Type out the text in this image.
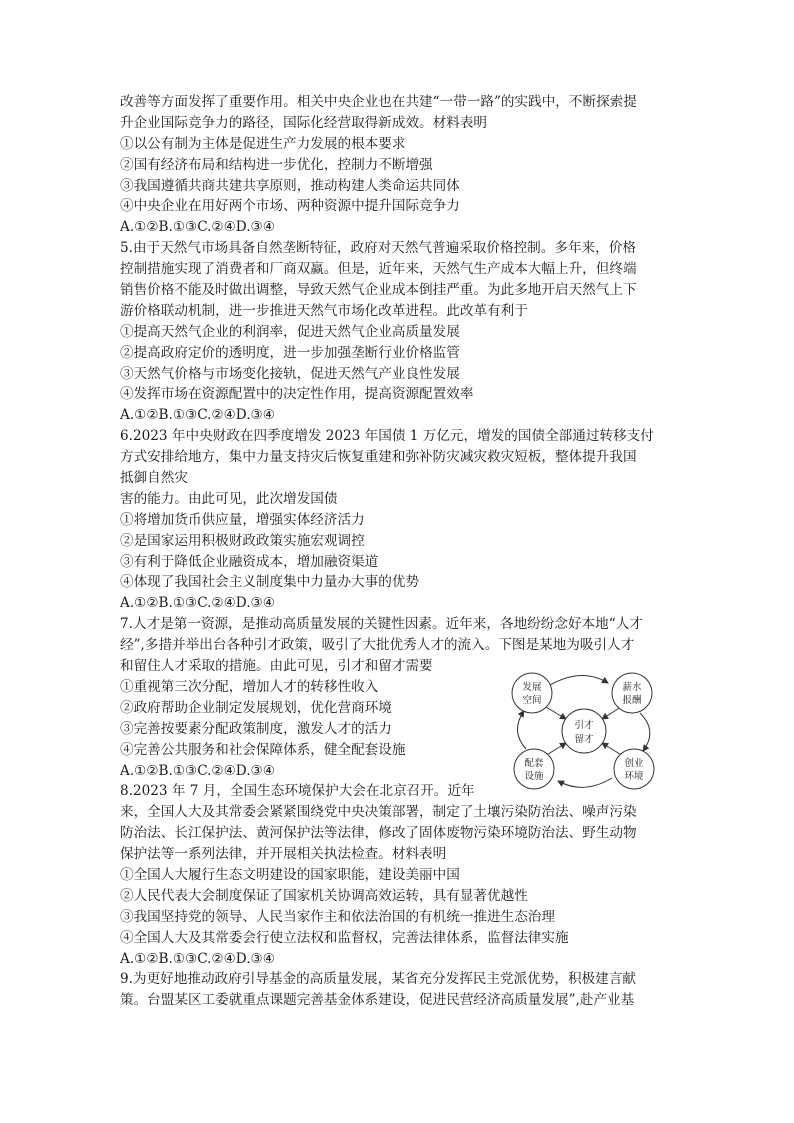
改善等方面发挥了重要作用。相关中央企业也在共建“一带一路”的实践中，不断探索提
升企业国际竞争力的路径，国际化经营取得新成效。材料表明
①以公有制为主体是促进生产力发展的根本要求
②国有经济布局和结构进一步优化，控制力不断增强
③我国遵循共商共建共享原则，推动构建人类命运共同体
④中央企业在用好两个市场、两种资源中提升国际竞争力
A.①②B.①③C.②④D.③④
5.由于天然气市场具备自然垄断特征，政府对天然气普遍采取价格控制。多年来，价格
控制措施实现了消费者和厂商双赢。但是，近年来，天然气生产成本大幅上升，但终端
销售价格不能及时做出调整，导致天然气企业成本倒挂严重。为此多地开启天然气上下
游价格联动机制，进一步推进天然气市场化改革进程。此改革有利于
①提高天然气企业的利润率，促进天然气企业高质量发展
②提高政府定价的透明度，进一步加强垄断行业价格监管
③天然气价格与市场变化接轨，促进天然气产业良性发展
④发挥市场在资源配置中的决定性作用，提高资源配置效率
A.①②B.①③C.②④D.③④
6.2023 年中央财政在四季度增发 2023 年国债 1 万亿元，增发的国债全部通过转移支付
方式安排给地方，集中力量支持灾后恢复重建和弥补防灾减灾救灾短板，整体提升我国
抵御自然灾
害的能力。由此可见，此次增发国债
①将增加货币供应量，增强实体经济活力
②是国家运用积极财政政策实施宏观调控
③有利于降低企业融资成本，增加融资渠道
④体现了我国社会主义制度集中力量办大事的优势
A.①②B.①③C.②④D.③④
7.人才是第一资源，是推动高质量发展的关键性因素。近年来，各地纷纷念好本地“人才
经”,多措并举出台各种引才政策，吸引了大批优秀人才的流入。下图是某地为吸引人才
和留住人才采取的措施。由此可见，引才和留才需要
①重视第三次分配，增加人才的转移性收入
②政府帮助企业制定发展规划，优化营商环境
③完善按要素分配政策制度，激发人才的活力
④完善公共服务和社会保障体系，健全配套设施
A.①②B.①③C.②④D.③④
8.2023 年 7 月，全国生态环境保护大会在北京召开。近年
来，全国人大及其常委会紧紧围绕党中央决策部署，制定了土壤污染防治法、噪声污染
防治法、长江保护法、黄河保护法等法律，修改了固体废物污染环境防治法、野生动物
保护法等一系列法律，并开展相关执法检查。材料表明
①全国人大履行生态文明建设的国家职能，建设美丽中国
②人民代表大会制度保证了国家机关协调高效运转，具有显著优越性
③我国坚持党的领导、人民当家作主和依法治国的有机统一推进生态治理
④全国人大及其常委会行使立法权和监督权，完善法律体系，监督法律实施
A.①②B.①③C.②④D.③④
9.为更好地推动政府引导基金的高质量发展，某省充分发挥民主党派优势，积极建言献
策。台盟某区工委就重点课题完善基金体系建设，促进民营经济高质量发展”,赴产业基
引才
留才
发展
空间
薪水
报酬
创业
环境
配套
设施
